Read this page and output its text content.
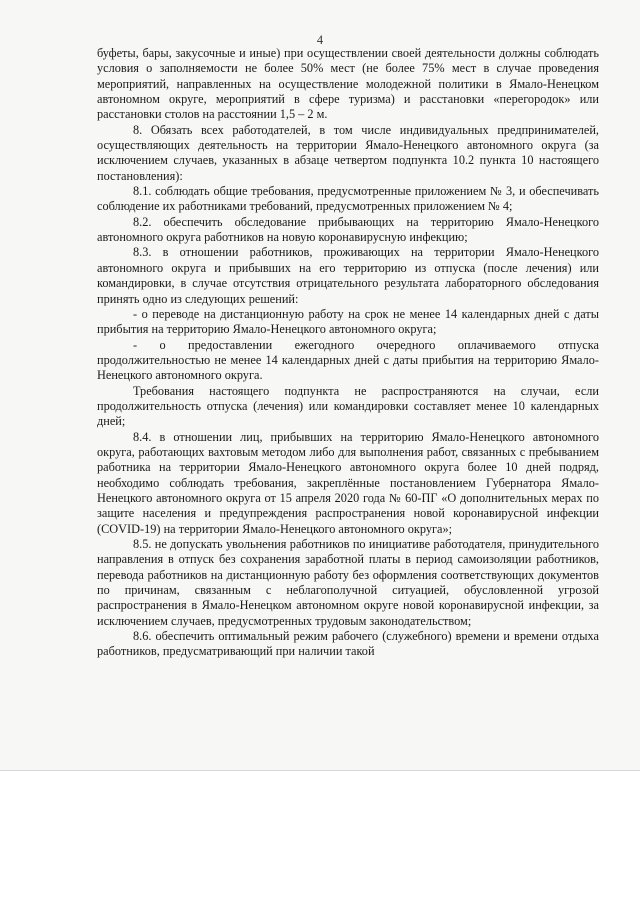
4

буфеты, бары, закусочные и иные) при осуществлении своей деятельности должны соблюдать условия о заполняемости не более 50% мест (не более 75% мест в случае проведения мероприятий, направленных на осуществление молодежной политики в Ямало-Ненецком автономном округе, мероприятий в сфере туризма) и расстановки «перегородок» или расстановки столов на расстоянии 1,5 – 2 м.

8. Обязать всех работодателей, в том числе индивидуальных предпринимателей, осуществляющих деятельность на территории Ямало-Ненецкого автономного округа (за исключением случаев, указанных в абзаце четвертом подпункта 10.2 пункта 10 настоящего постановления):

8.1. соблюдать общие требования, предусмотренные приложением № 3, и обеспечивать соблюдение их работниками требований, предусмотренных приложением № 4;

8.2. обеспечить обследование прибывающих на территорию Ямало-Ненецкого автономного округа работников на новую коронавирусную инфекцию;

8.3. в отношении работников, проживающих на территории Ямало-Ненецкого автономного округа и прибывших на его территорию из отпуска (после лечения) или командировки, в случае отсутствия отрицательного результата лабораторного обследования принять одно из следующих решений:

- о переводе на дистанционную работу на срок не менее 14 календарных дней с даты прибытия на территорию Ямало-Ненецкого автономного округа;

- о предоставлении ежегодного очередного оплачиваемого отпуска продолжительностью не менее 14 календарных дней с даты прибытия на территорию Ямало-Ненецкого автономного округа.

Требования настоящего подпункта не распространяются на случаи, если продолжительность отпуска (лечения) или командировки составляет менее 10 календарных дней;

8.4. в отношении лиц, прибывших на территорию Ямало-Ненецкого автономного округа, работающих вахтовым методом либо для выполнения работ, связанных с пребыванием работника на территории Ямало-Ненецкого автономного округа более 10 дней подряд, необходимо соблюдать требования, закреплённые постановлением Губернатора Ямало-Ненецкого автономного округа от 15 апреля 2020 года № 60-ПГ «О дополнительных мерах по защите населения и предупреждения распространения новой коронавирусной инфекции (COVID-19) на территории Ямало-Ненецкого автономного округа»;

8.5. не допускать увольнения работников по инициативе работодателя, принудительного направления в отпуск без сохранения заработной платы в период самоизоляции работников, перевода работников на дистанционную работу без оформления соответствующих документов по причинам, связанным с неблагополучной ситуацией, обусловленной угрозой распространения в Ямало-Ненецком автономном округе новой коронавирусной инфекции, за исключением случаев, предусмотренных трудовым законодательством;

8.6. обеспечить оптимальный режим рабочего (служебного) времени и времени отдыха работников, предусматривающий при наличии такой
